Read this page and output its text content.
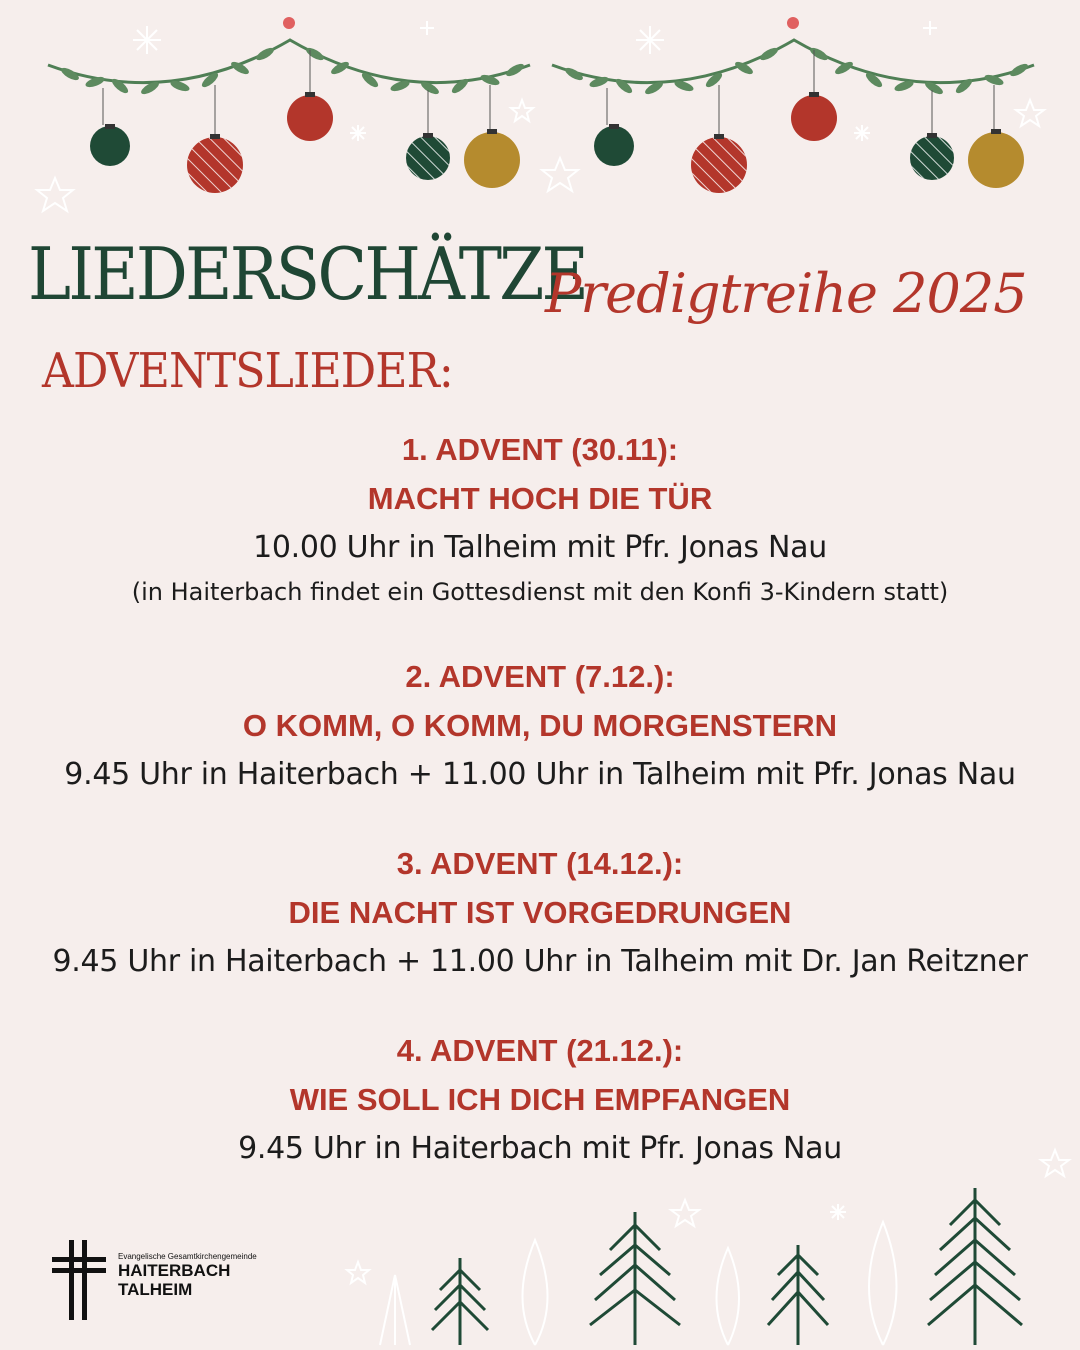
LIEDERSCHÄTZE
Predigtreihe 2025
ADVENTSLIEDER:
1. ADVENT (30.11):
MACHT HOCH DIE TÜR
10.00 Uhr in Talheim mit Pfr. Jonas Nau
(in Haiterbach findet ein Gottesdienst mit den Konfi 3-Kindern statt)
2. ADVENT (7.12.):
O KOMM, O KOMM, DU MORGENSTERN
9.45 Uhr in Haiterbach + 11.00 Uhr in Talheim mit Pfr. Jonas Nau
3. ADVENT (14.12.):
DIE NACHT IST VORGEDRUNGEN
9.45 Uhr in Haiterbach + 11.00 Uhr in Talheim mit Dr. Jan Reitzner
4. ADVENT (21.12.):
WIE SOLL ICH DICH EMPFANGEN
9.45 Uhr in Haiterbach mit Pfr. Jonas Nau
Evangelische Gesamtkirchengemeinde
HAITERBACH
TALHEIM
